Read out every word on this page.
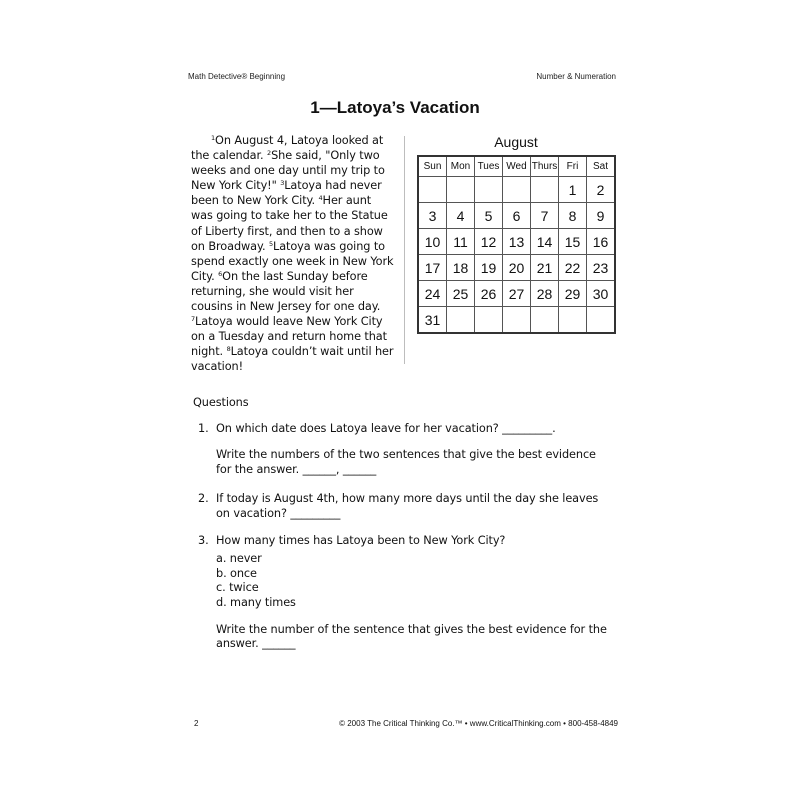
Math Detective® Beginning	Number & Numeration
1—Latoya’s Vacation

$^1$On August 4, Latoya looked at the calendar. $^2$She said, "Only two weeks and one day until my trip to New York City!" $^3$Latoya had never been to New York City. $^4$Her aunt was going to take her to the Statue of Liberty first, and then to a show on Broadway. $^5$Latoya was going to spend exactly one week in New York City. $^6$On the last Sunday before returning, she would visit her cousins in New Jersey for one day. $^7$Latoya would leave New York City on a Tuesday and return home that night. $^8$Latoya couldn’t wait until her vacation!

August
Sun	Mon	Tues	Wed	Thurs	Fri	Sat
					1	2
3	4	5	6	7	8	9
10	11	12	13	14	15	16
17	18	19	20	21	22	23
24	25	26	27	28	29	30
31						

Questions

1. On which date does Latoya leave for her vacation? _________.

Write the numbers of the two sentences that give the best evidence for the answer. ______, ______

2. If today is August 4th, how many more days until the day she leaves on vacation? _________

3. How many times has Latoya been to New York City?

a. never
b. once
c. twice
d. many times

Write the number of the sentence that gives the best evidence for the answer. ______

2	© 2003 The Critical Thinking Co.™ • www.CriticalThinking.com • 800-458-4849
